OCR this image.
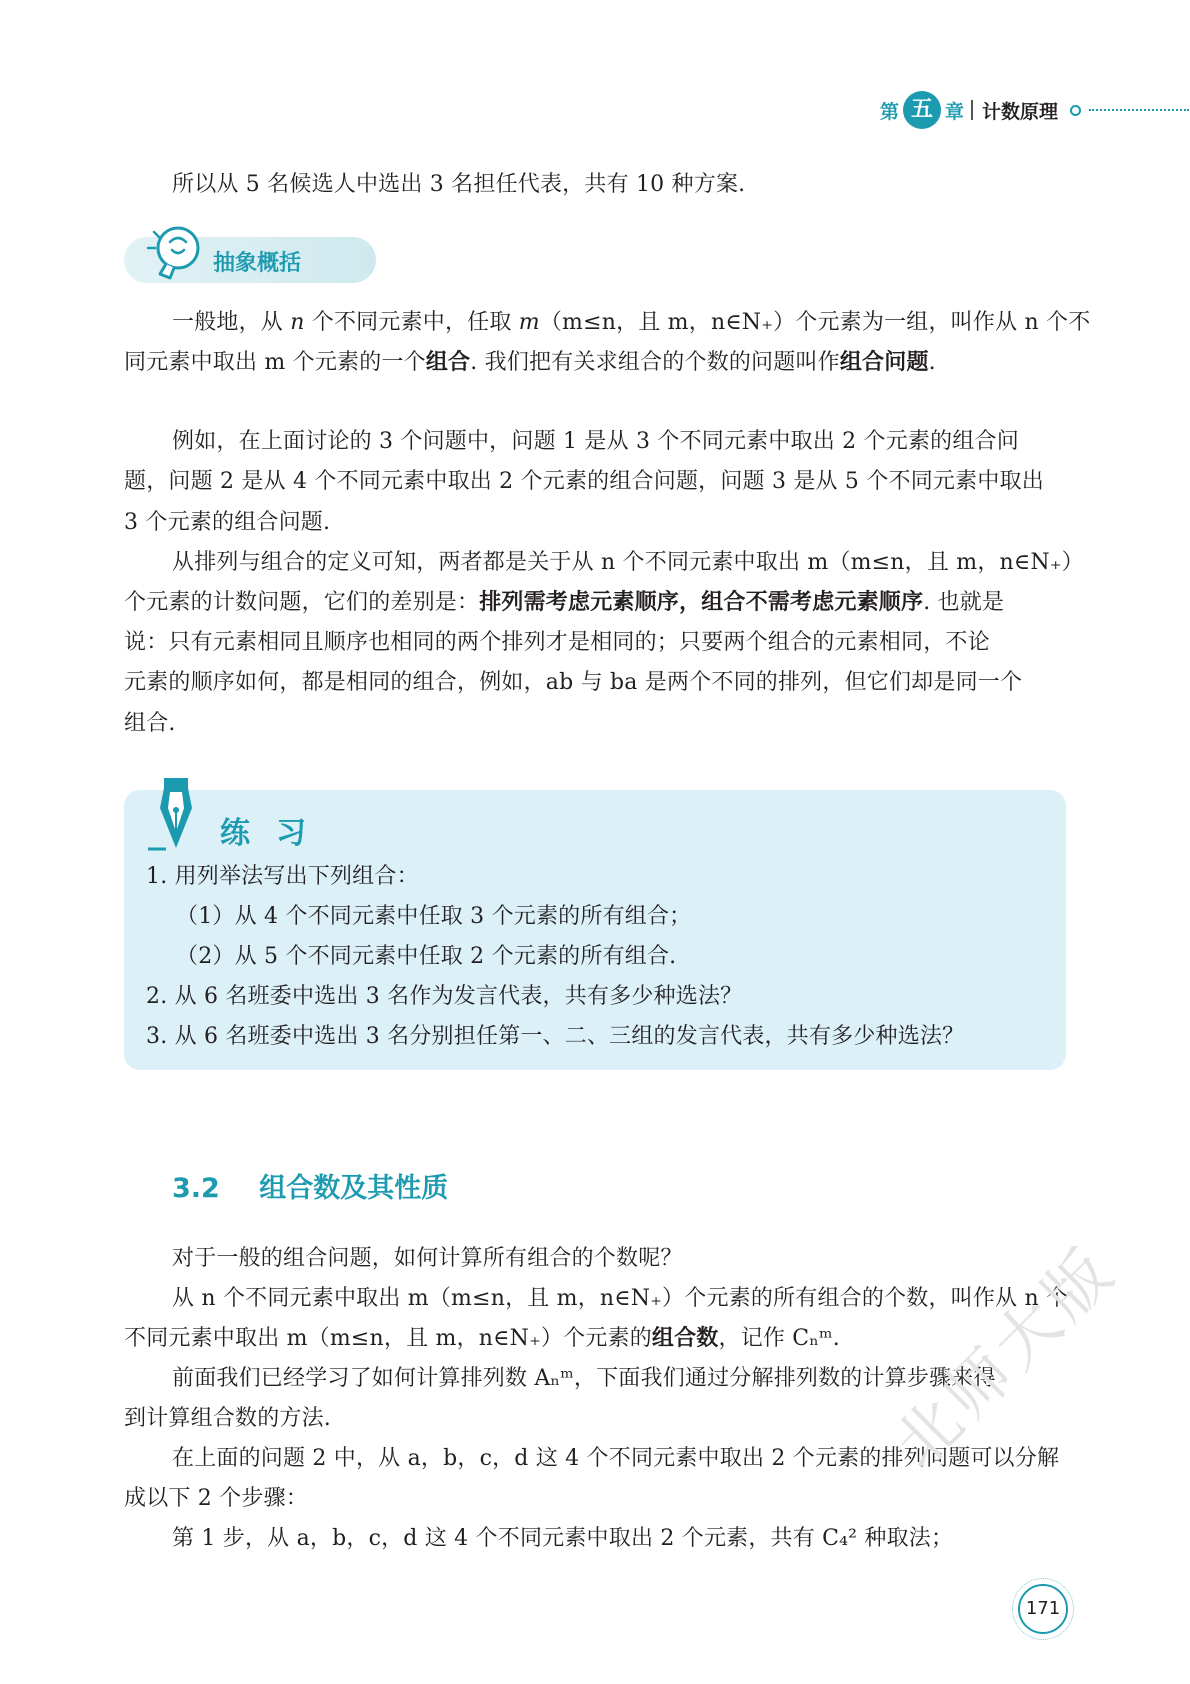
第 五 章 计数原理

所以从 5 名候选人中选出 3 名担任代表，共有 10 种方案.

抽象概括

一般地，从 n 个不同元素中，任取 m（m≤n，且 m，n∈N₊）个元素为一组，叫作从 n 个不

同元素中取出 m 个元素的一个组合. 我们把有关求组合的个数的问题叫作组合问题.

例如，在上面讨论的 3 个问题中，问题 1 是从 3 个不同元素中取出 2 个元素的组合问

题，问题 2 是从 4 个不同元素中取出 2 个元素的组合问题，问题 3 是从 5 个不同元素中取出

3 个元素的组合问题.

从排列与组合的定义可知，两者都是关于从 n 个不同元素中取出 m（m≤n，且 m，n∈N₊）

个元素的计数问题，它们的差别是：排列需考虑元素顺序，组合不需考虑元素顺序. 也就是

说：只有元素相同且顺序也相同的两个排列才是相同的；只要两个组合的元素相同，不论

元素的顺序如何，都是相同的组合，例如，ab 与 ba 是两个不同的排列，但它们却是同一个

组合.

练习

1. 用列举法写出下列组合：

（1）从 4 个不同元素中任取 3 个元素的所有组合；

（2）从 5 个不同元素中任取 2 个元素的所有组合.

2. 从 6 名班委中选出 3 名作为发言代表，共有多少种选法？

3. 从 6 名班委中选出 3 名分别担任第一、二、三组的发言代表，共有多少种选法？

3.2 组合数及其性质

对于一般的组合问题，如何计算所有组合的个数呢？

从 n 个不同元素中取出 m（m≤n，且 m，n∈N₊）个元素的所有组合的个数，叫作从 n 个

不同元素中取出 m（m≤n，且 m，n∈N₊）个元素的组合数，记作 Cₙᵐ.

前面我们已经学习了如何计算排列数 Aₙᵐ，下面我们通过分解排列数的计算步骤来得

到计算组合数的方法.

在上面的问题 2 中，从 a，b，c，d 这 4 个不同元素中取出 2 个元素的排列问题可以分解

成以下 2 个步骤：

第 1 步，从 a，b，c，d 这 4 个不同元素中取出 2 个元素，共有 C₄² 种取法；

北师大版
171
